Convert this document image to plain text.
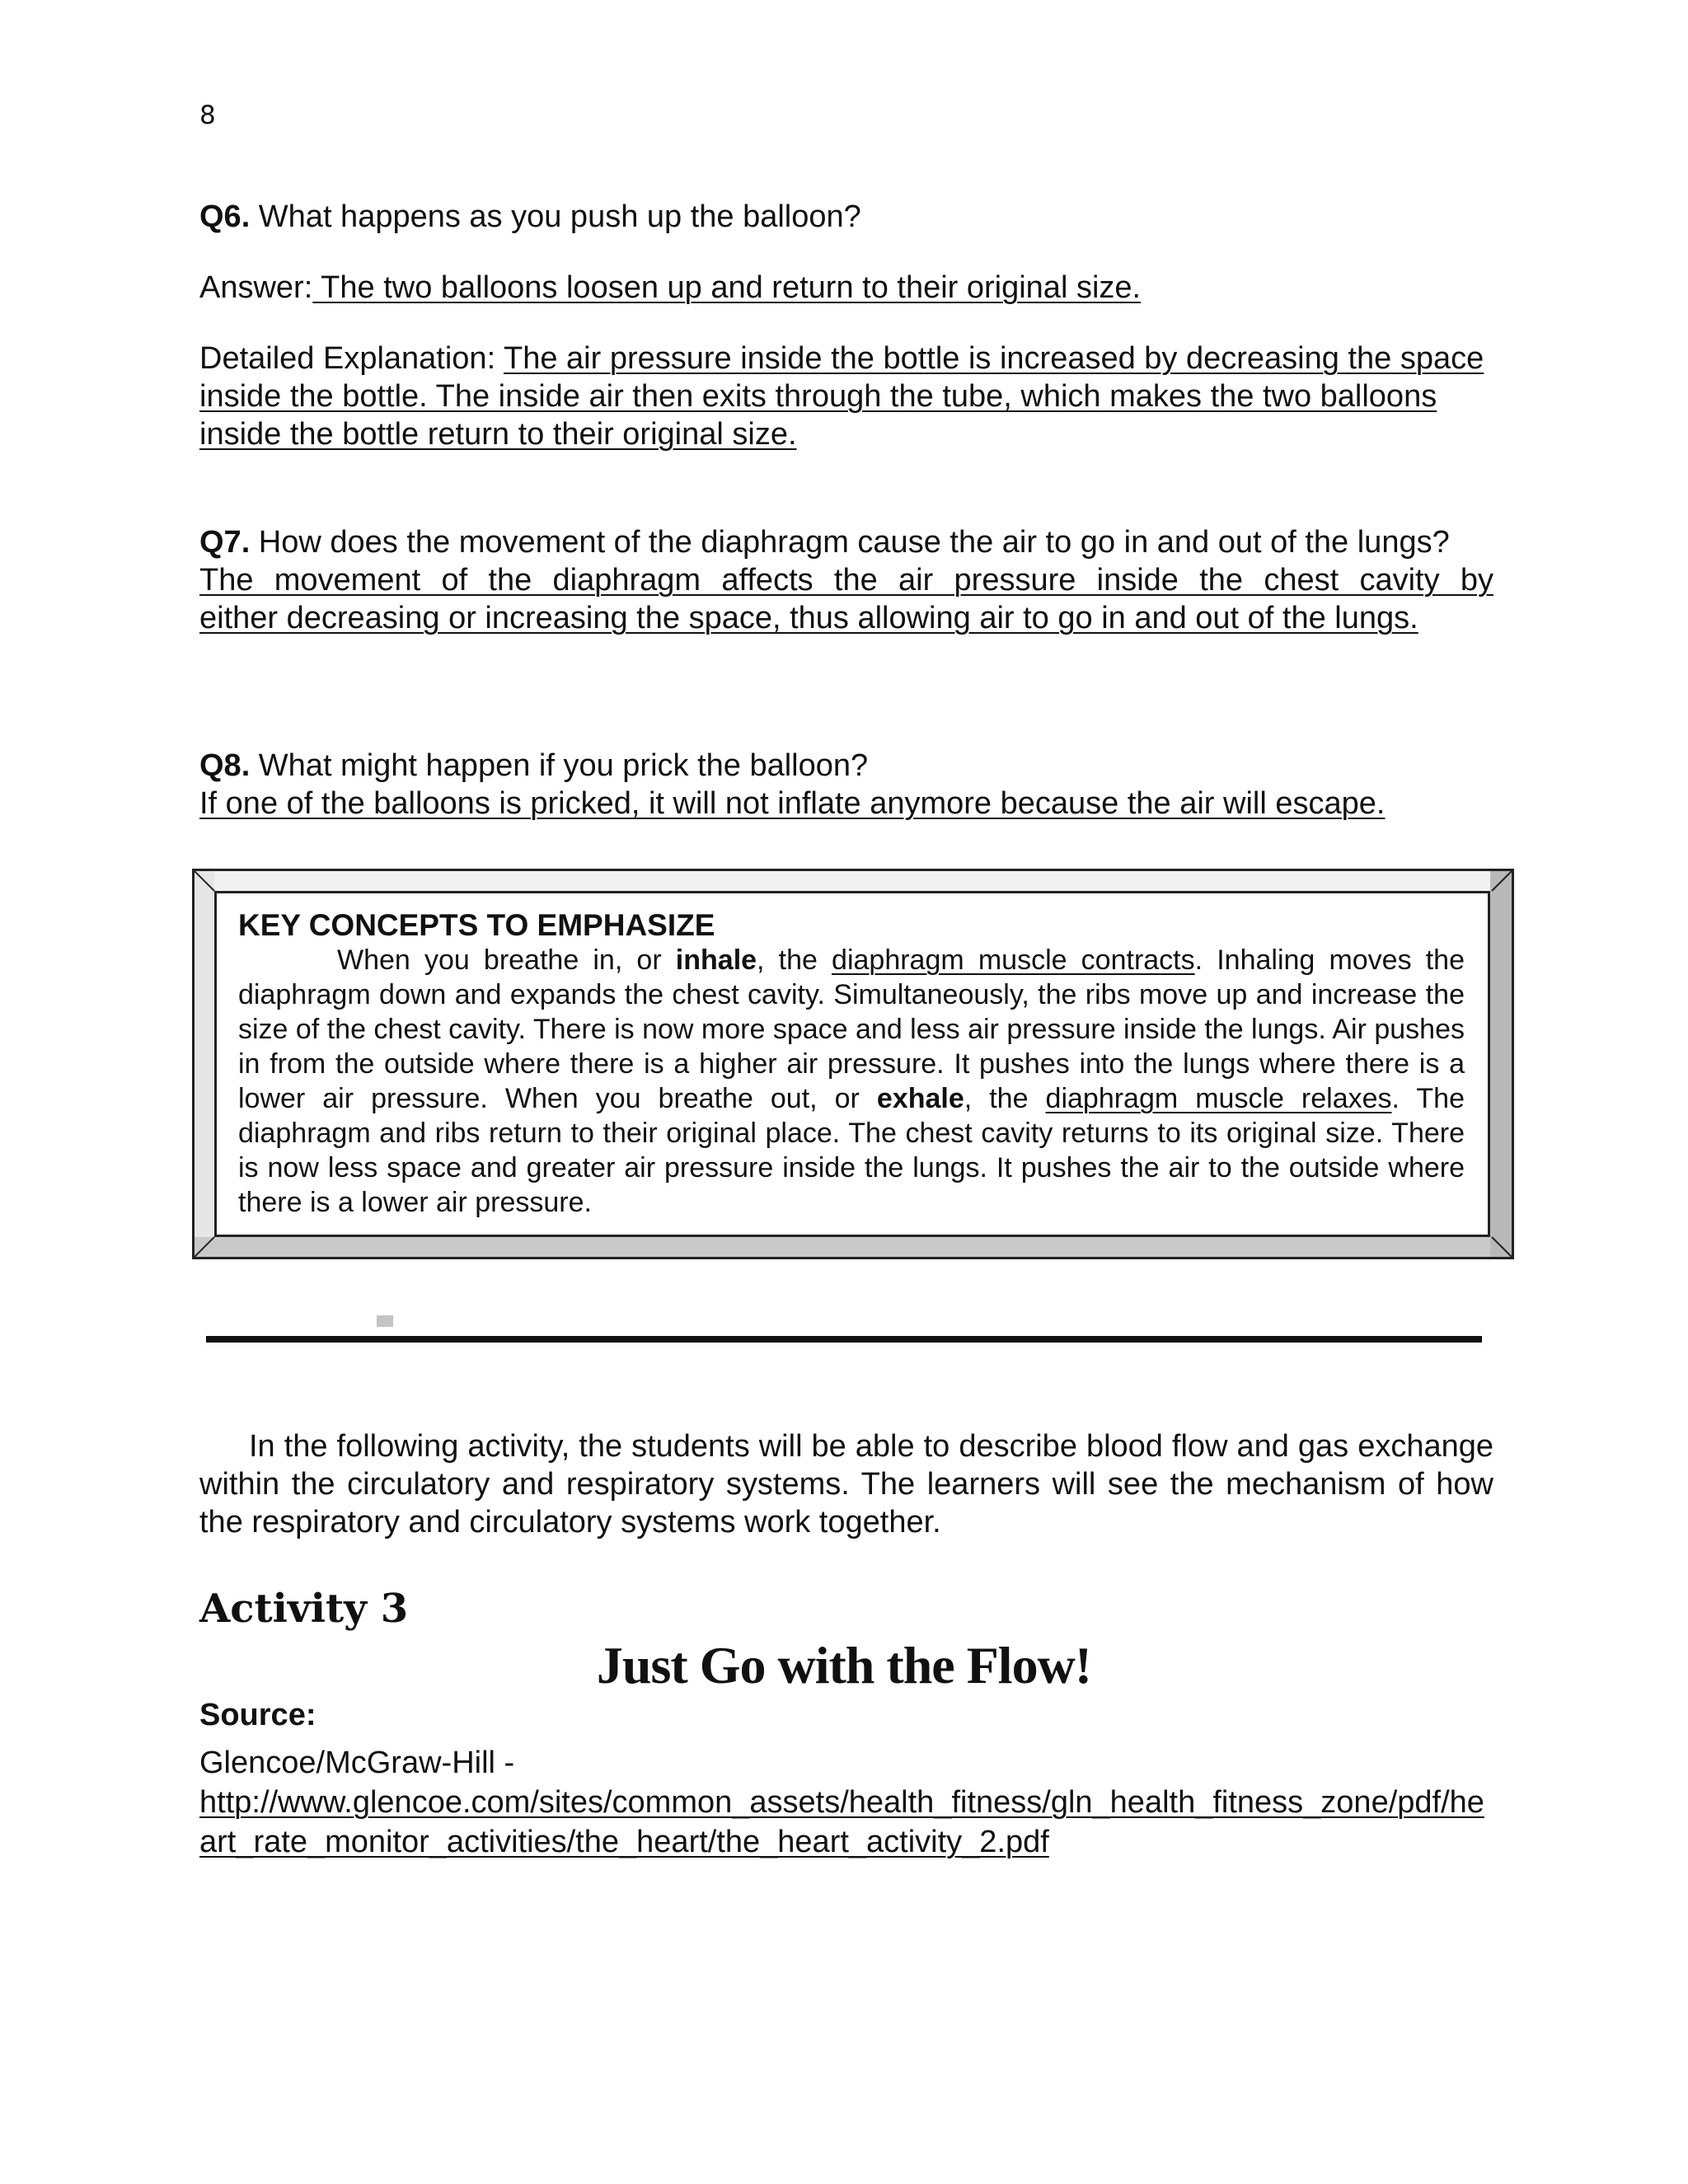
8

Q6. What happens as you push up the balloon?

Answer: The two balloons loosen up and return to their original size.

Detailed Explanation: The air pressure inside the bottle is increased by decreasing the space inside the bottle. The inside air then exits through the tube, which makes the two balloons inside the bottle return to their original size.

Q7. How does the movement of the diaphragm cause the air to go in and out of the lungs?

The movement of the diaphragm affects the air pressure inside the chest cavity by

either decreasing or increasing the space, thus allowing air to go in and out of the lungs.

Q8. What might happen if you prick the balloon?

If one of the balloons is pricked, it will not inflate anymore because the air will escape.

KEY CONCEPTS TO EMPHASIZE

When you breathe in, or inhale, the diaphragm muscle contracts. Inhaling moves the diaphragm down and expands the chest cavity. Simultaneously, the ribs move up and increase the size of the chest cavity. There is now more space and less air pressure inside the lungs. Air pushes in from the outside where there is a higher air pressure. It pushes into the lungs where there is a lower air pressure. When you breathe out, or exhale, the diaphragm muscle relaxes. The diaphragm and ribs return to their original place. The chest cavity returns to its original size. There is now less space and greater air pressure inside the lungs. It pushes the air to the outside where there is a lower air pressure.

In the following activity, the students will be able to describe blood flow and gas exchange within the circulatory and respiratory systems. The learners will see the mechanism of how the respiratory and circulatory systems work together.

Activity 3

Just Go with the Flow!

Source:

Glencoe/McGraw-Hill -
http://www.glencoe.com/sites/common_assets/health_fitness/gln_health_fitness_zone/pdf/heart_rate_monitor_activities/the_heart/the_heart_activity_2.pdf
